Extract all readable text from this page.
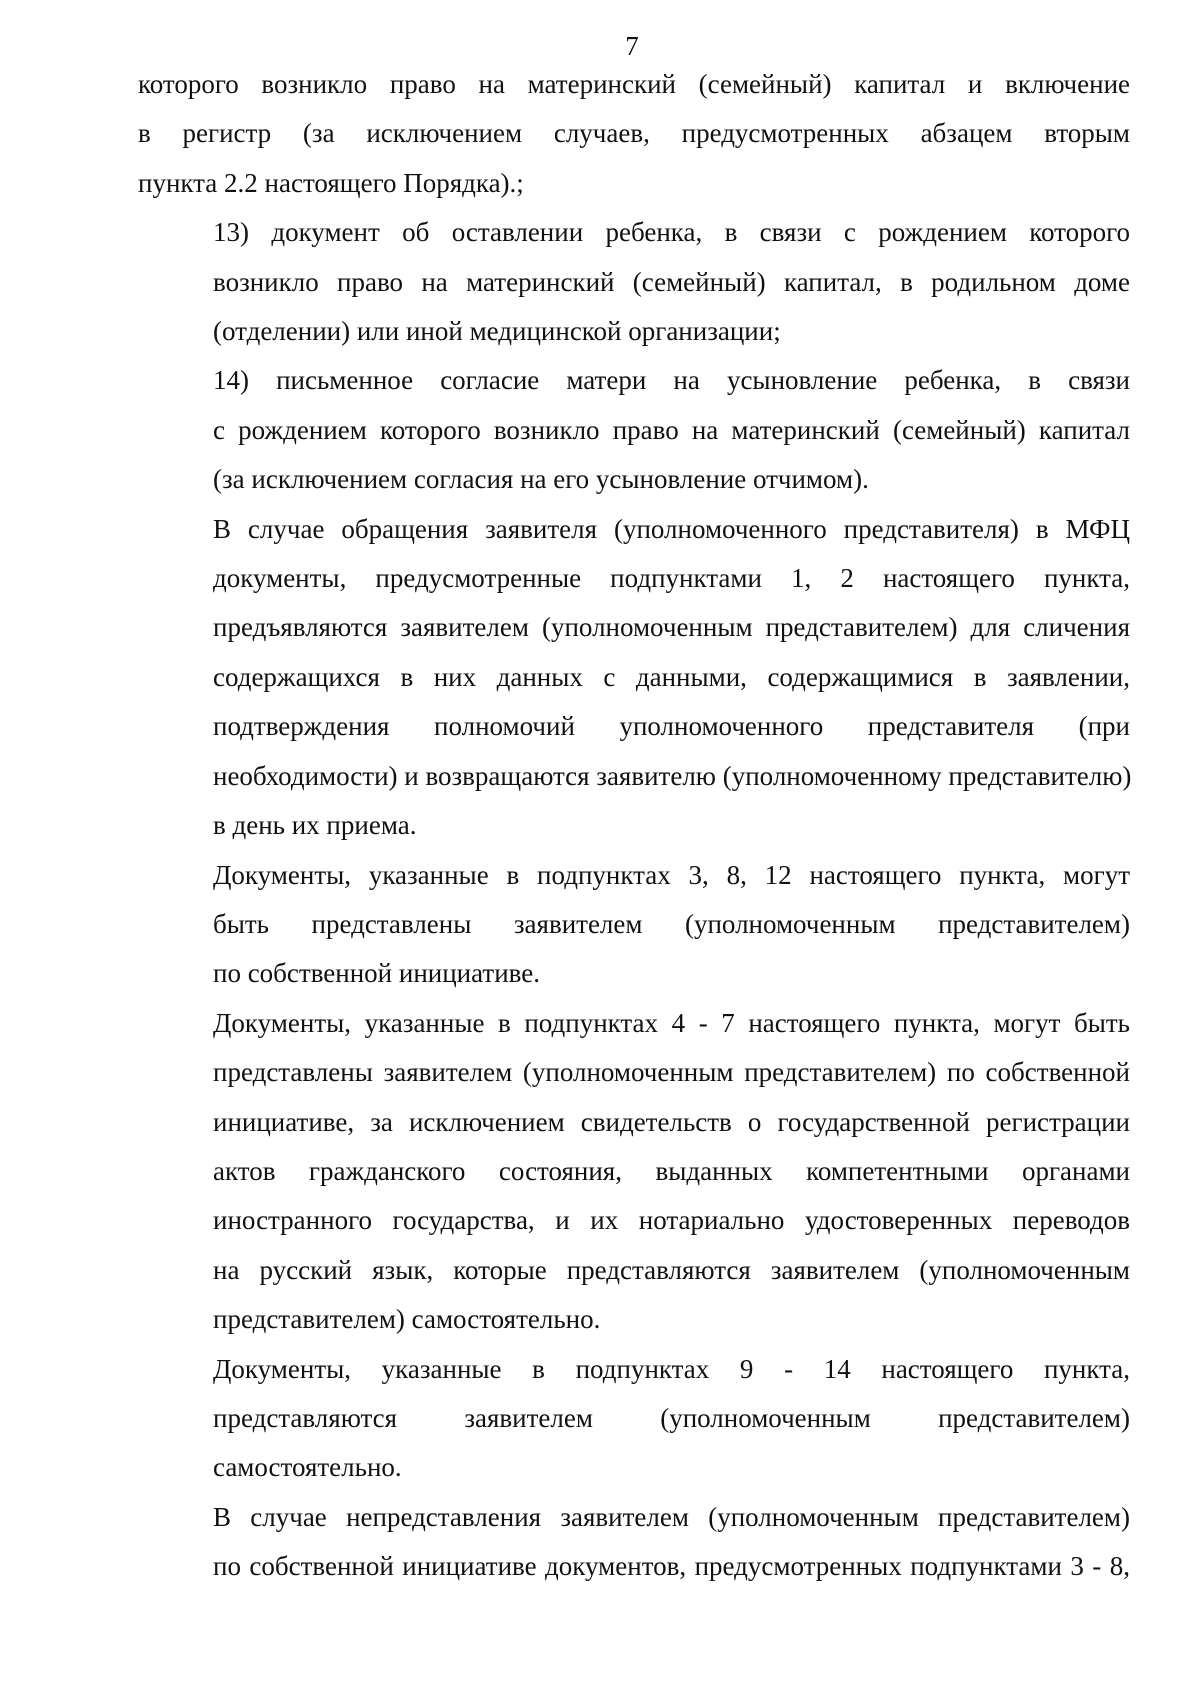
7

которого возникло право на материнский (семейный) капитал и включение
в регистр (за исключением случаев, предусмотренных абзацем вторым
пункта 2.2 настоящего Порядка).;

13) документ об оставлении ребенка, в связи с рождением которого
возникло право на материнский (семейный) капитал, в родильном доме
(отделении) или иной медицинской организации;

14) письменное согласие матери на усыновление ребенка, в связи
с рождением которого возникло право на материнский (семейный) капитал
(за исключением согласия на его усыновление отчимом).

В случае обращения заявителя (уполномоченного представителя) в МФЦ
документы, предусмотренные подпунктами 1, 2 настоящего пункта,
предъявляются заявителем (уполномоченным представителем) для сличения
содержащихся в них данных с данными, содержащимися в заявлении,
подтверждения полномочий уполномоченного представителя (при
необходимости) и возвращаются заявителю (уполномоченному представителю)
в день их приема.

Документы, указанные в подпунктах 3, 8, 12 настоящего пункта, могут
быть представлены заявителем (уполномоченным представителем)
по собственной инициативе.

Документы, указанные в подпунктах 4 - 7 настоящего пункта, могут быть
представлены заявителем (уполномоченным представителем) по собственной
инициативе, за исключением свидетельств о государственной регистрации
актов гражданского состояния, выданных компетентными органами
иностранного государства, и их нотариально удостоверенных переводов
на русский язык, которые представляются заявителем (уполномоченным
представителем) самостоятельно.

Документы, указанные в подпунктах 9 - 14 настоящего пункта,
представляются заявителем (уполномоченным представителем)
самостоятельно.

В случае непредставления заявителем (уполномоченным представителем)
по собственной инициативе документов, предусмотренных подпунктами 3 - 8,
